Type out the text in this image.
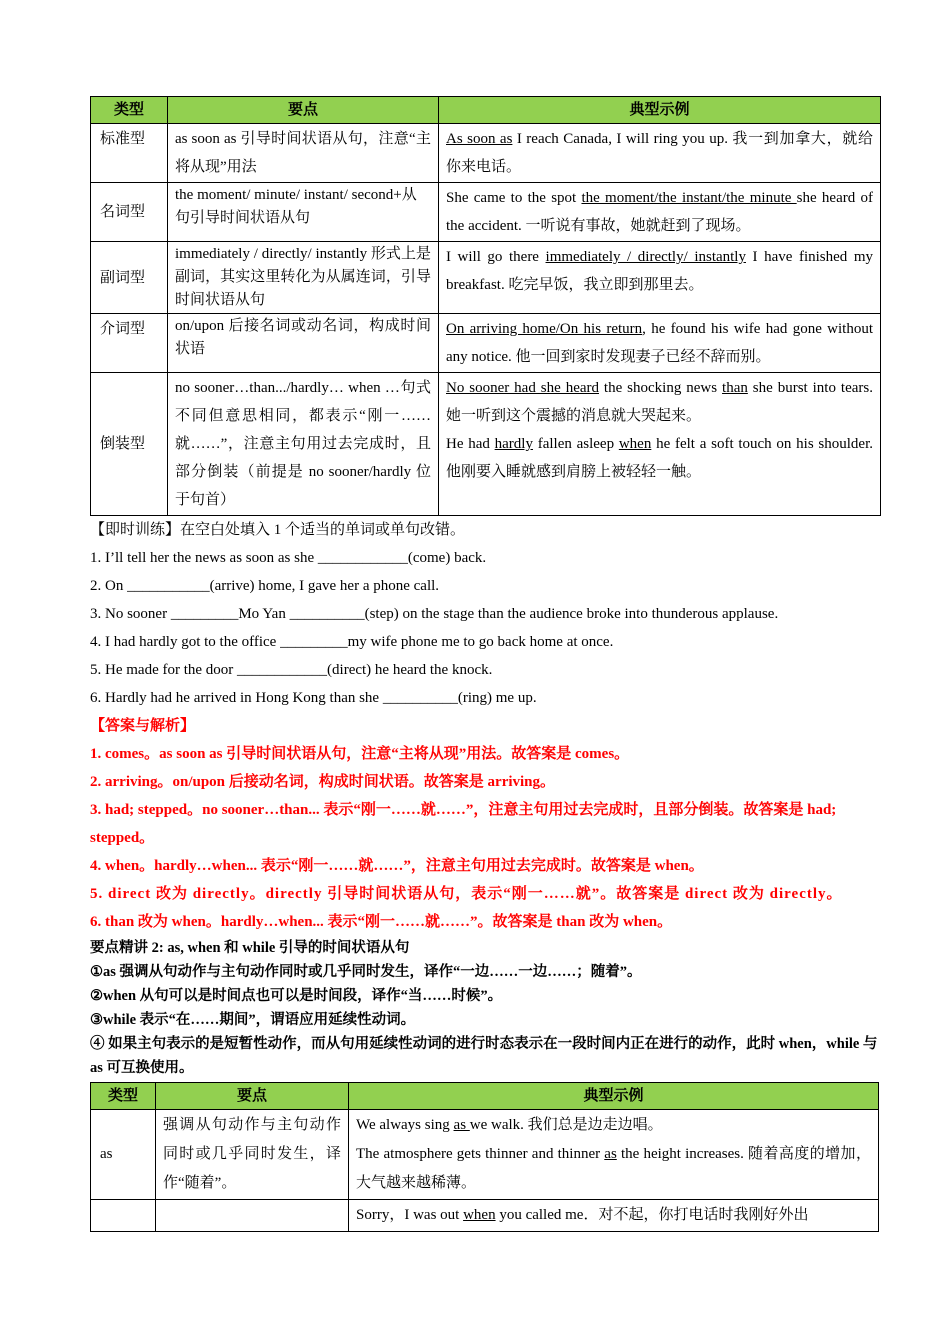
类型	要点	典型示例
标准型	as soon as 引导时间状语从句，注意“主将从现”用法	As soon as I reach Canada, I will ring you up. 我一到加拿大，就给你来电话。
名词型	the moment/ minute/ instant/ second+从句引导时间状语从句	She came to the spot the moment/the instant/the minute she heard of the accident. 一听说有事故，她就赶到了现场。
副词型	immediately / directly/ instantly 形式上是副词，其实这里转化为从属连词，引导时间状语从句	I will go there immediately / directly/ instantly I have finished my breakfast. 吃完早饭，我立即到那里去。
介词型	on/upon 后接名词或动名词，构成时间状语	On arriving home/On his return, he found his wife had gone without any notice. 他一回到家时发现妻子已经不辞而别。
倒装型	no sooner…than.../hardly… when …句式不同但意思相同，都表示“刚一……就……”，注意主句用过去完成时，且部分倒装（前提是 no sooner/hardly 位于句首）	No sooner had she heard the shocking news than she burst into tears. 她一听到这个震撼的消息就大哭起来。
He had hardly fallen asleep when he felt a soft touch on his shoulder. 他刚要入睡就感到肩膀上被轻轻一触。

【即时训练】在空白处填入 1 个适当的单词或单句改错。

1. I’ll tell her the news as soon as she ____________(come) back.

2. On ___________(arrive) home, I gave her a phone call.

3. No sooner _________Mo Yan __________(step) on the stage than the audience broke into thunderous applause.

4. I had hardly got to the office _________my wife phone me to go back home at once.

5. He made for the door ____________(direct) he heard the knock.

6. Hardly had he arrived in Hong Kong than she __________(ring) me up.

【答案与解析】

1. comes。as soon as 引导时间状语从句，注意“主将从现”用法。故答案是 comes。

2. arriving。on/upon 后接动名词，构成时间状语。故答案是 arriving。

3. had; stepped。no sooner…than... 表示“刚一……就……”，注意主句用过去完成时，且部分倒装。故答案是 had; stepped。

4. when。hardly…when... 表示“刚一……就……”，注意主句用过去完成时。故答案是 when。

5. direct 改为 directly。directly 引导时间状语从句，表示“刚一……就”。故答案是 direct 改为 directly。

6. than 改为 when。hardly…when... 表示“刚一……就……”。故答案是 than 改为 when。

要点精讲 2: as, when 和 while 引导的时间状语从句

①as 强调从句动作与主句动作同时或几乎同时发生，译作“一边……一边……；随着”。

②when 从句可以是时间点也可以是时间段，译作“当……时候”。

③while 表示“在……期间”，谓语应用延续性动词。

④ 如果主句表示的是短暂性动作，而从句用延续性动词的进行时态表示在一段时间内正在进行的动作，此时 when，while 与 as 可互换使用。

类型	要点	典型示例
as	强调从句动作与主句动作同时或几乎同时发生，译作“随着”。	We always sing as we walk. 我们总是边走边唱。
The atmosphere gets thinner and thinner as the height increases. 随着高度的增加，大气越来越稀薄。

		Sorry，I was out when you called me．对不起，你打电话时我刚好外出
